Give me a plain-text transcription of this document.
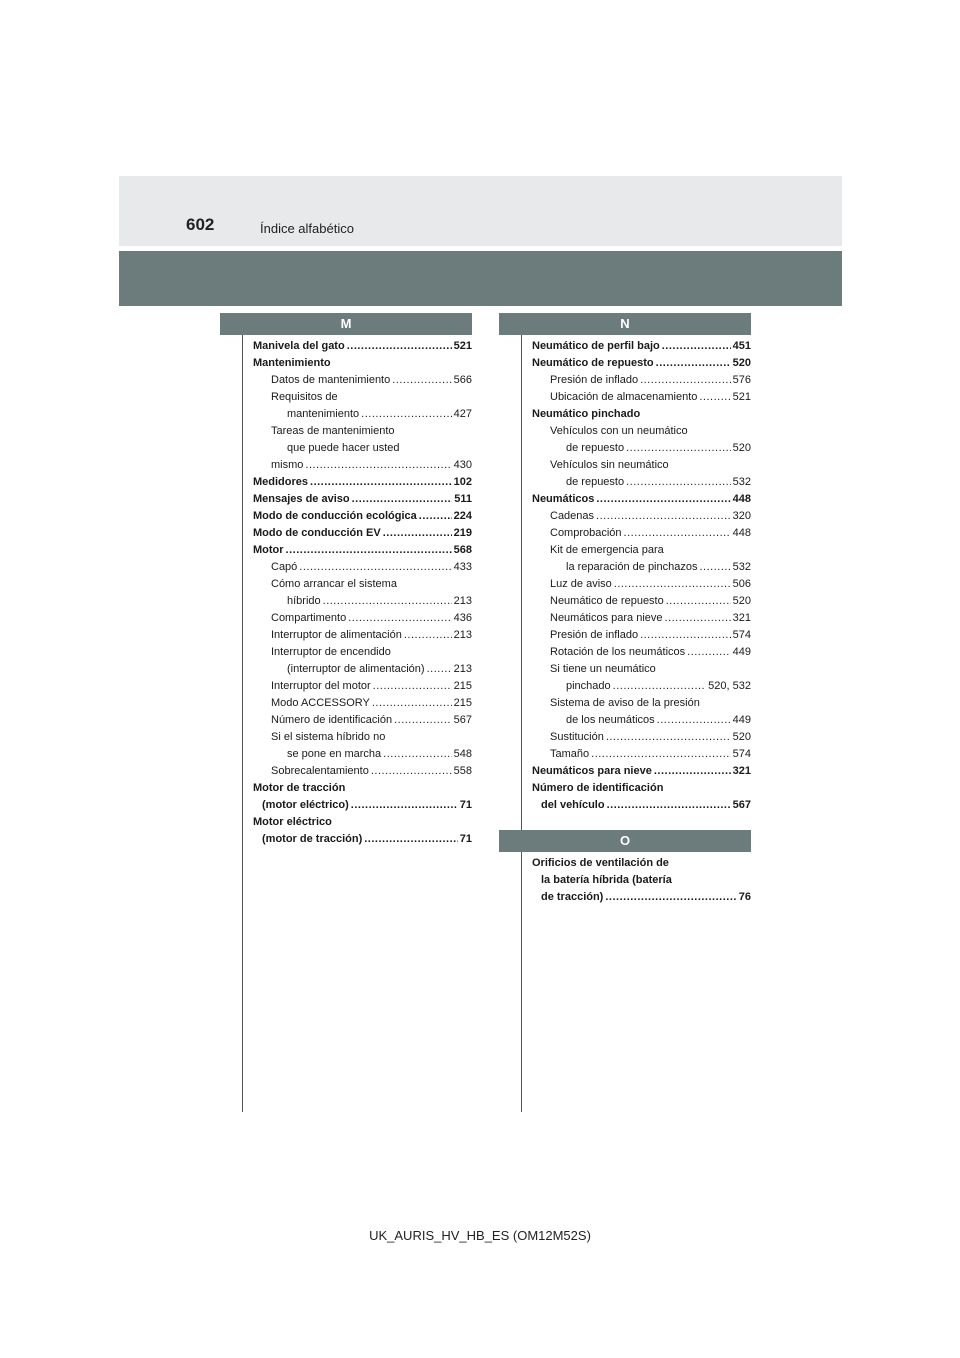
602	Índice alfabético
M	N
O
Manivela del gato .....	521
Mantenimiento
Datos de mantenimiento .....	566
Requisitos de
mantenimiento .....	427
Tareas de mantenimiento
que puede hacer usted
mismo .....	430
Medidores .....	102
Mensajes de aviso .....	511
Modo de conducción ecológica .....	224
Modo de conducción EV .....	219
Motor .....	568
Capó .....	433
Cómo arrancar el sistema
híbrido .....	213
Compartimento .....	436
Interruptor de alimentación .....	213
Interruptor de encendido
(interruptor de alimentación) .....	213
Interruptor del motor .....	215
Modo ACCESSORY .....	215
Número de identificación .....	567
Si el sistema híbrido no
se pone en marcha .....	548
Sobrecalentamiento .....	558
Motor de tracción
(motor eléctrico) .....	71
Motor eléctrico
(motor de tracción) .....	71
Neumático de perfil bajo .....	451
Neumático de repuesto .....	520
Presión de inflado .....	576
Ubicación de almacenamiento .....	521
Neumático pinchado
Vehículos con un neumático
de repuesto .....	520
Vehículos sin neumático
de repuesto .....	532
Neumáticos .....	448
Cadenas .....	320
Comprobación .....	448
Kit de emergencia para
la reparación de pinchazos .....	532
Luz de aviso .....	506
Neumático de repuesto .....	520
Neumáticos para nieve .....	321
Presión de inflado .....	574
Rotación de los neumáticos .....	449
Si tiene un neumático
pinchado .....	520, 532
Sistema de aviso de la presión
de los neumáticos .....	449
Sustitución .....	520
Tamaño .....	574
Neumáticos para nieve .....	321
Número de identificación
del vehículo .....	567
Orificios de ventilación de
la batería híbrida (batería
de tracción) .....	76
UK_AURIS_HV_HB_ES (OM12M52S)
